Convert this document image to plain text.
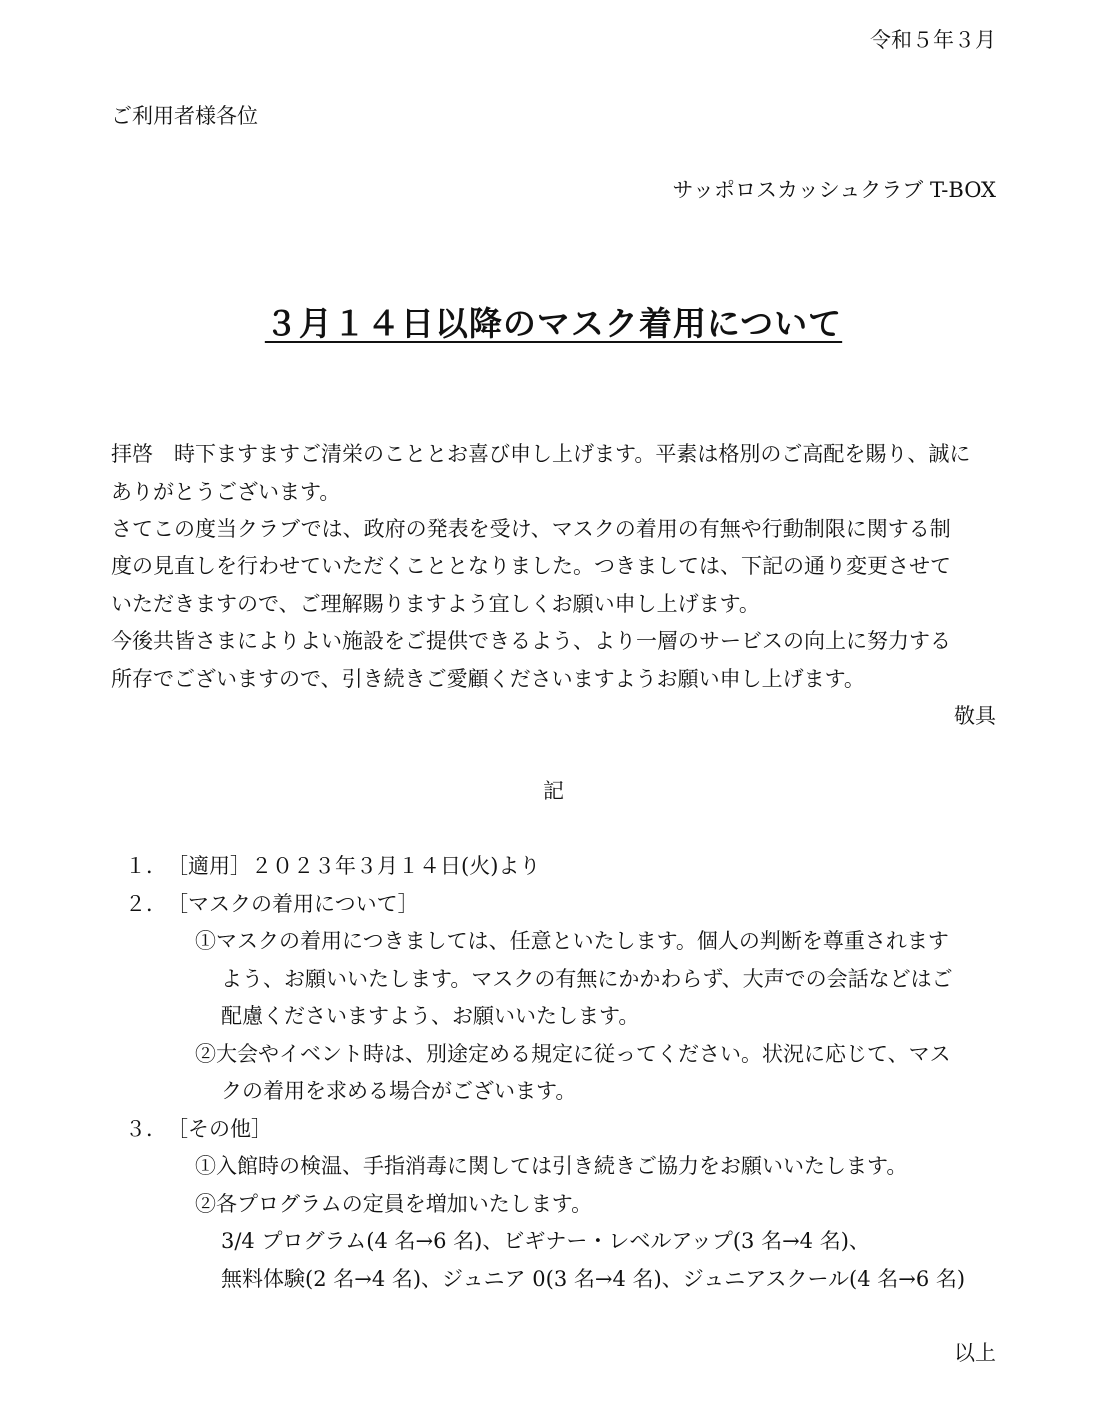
令和５年３月
ご利用者様各位
サッポロスカッシュクラブ T-BOX
３月１４日以降のマスク着用について
拝啓　時下ますますご清栄のこととお喜び申し上げます。平素は格別のご高配を賜り、誠に
ありがとうございます。
さてこの度当クラブでは、政府の発表を受け、マスクの着用の有無や行動制限に関する制
度の見直しを行わせていただくこととなりました。つきましては、下記の通り変更させて
いただきますので、ご理解賜りますよう宜しくお願い申し上げます。
今後共皆さまによりよい施設をご提供できるよう、より一層のサービスの向上に努力する
所存でございますので、引き続きご愛顧くださいますようお願い申し上げます。
敬具
記
１．［適用］２０２３年３月１４日(火)より
２．［マスクの着用について］
①マスクの着用につきましては、任意といたします。個人の判断を尊重されます
よう、お願いいたします。マスクの有無にかかわらず、大声での会話などはご
配慮くださいますよう、お願いいたします。
②大会やイベント時は、別途定める規定に従ってください。状況に応じて、マス
クの着用を求める場合がございます。
３．［その他］
①入館時の検温、手指消毒に関しては引き続きご協力をお願いいたします。
②各プログラムの定員を増加いたします。
3/4 プログラム(4 名→6 名)、ビギナー・レベルアップ(3 名→4 名)、
無料体験(2 名→4 名)、ジュニア 0(3 名→4 名)、ジュニアスクール(4 名→6 名)
以上
